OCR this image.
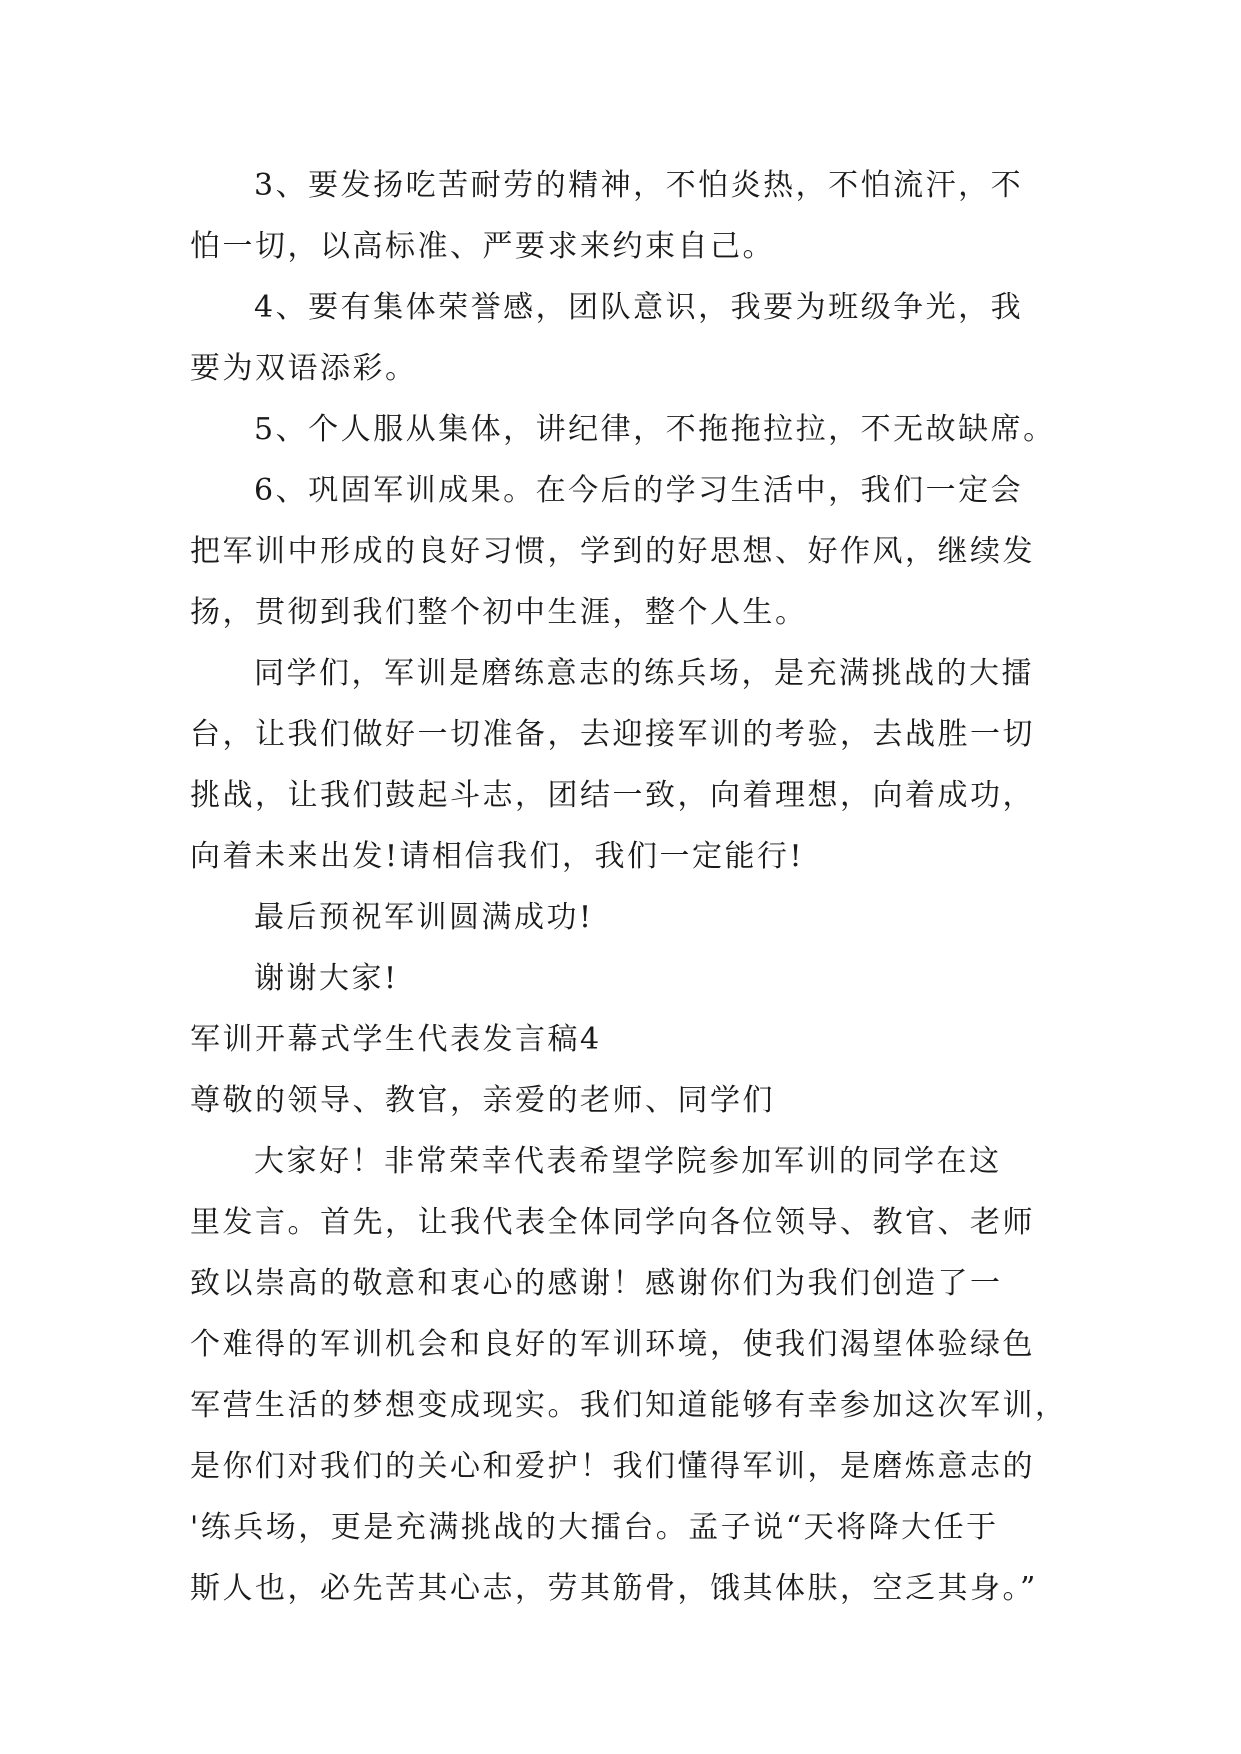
3、要发扬吃苦耐劳的精神，不怕炎热，不怕流汗，不
怕一切，以高标准、严要求来约束自己。
4、要有集体荣誉感，团队意识，我要为班级争光，我
要为双语添彩。
5、个人服从集体，讲纪律，不拖拖拉拉，不无故缺席。
6、巩固军训成果。在今后的学习生活中，我们一定会
把军训中形成的良好习惯，学到的好思想、好作风，继续发
扬，贯彻到我们整个初中生涯，整个人生。
同学们，军训是磨练意志的练兵场，是充满挑战的大擂
台，让我们做好一切准备，去迎接军训的考验，去战胜一切
挑战，让我们鼓起斗志，团结一致，向着理想，向着成功，
向着未来出发!请相信我们，我们一定能行!
最后预祝军训圆满成功!
谢谢大家!
军训开幕式学生代表发言稿4
尊敬的领导、教官，亲爱的老师、同学们
大家好！非常荣幸代表希望学院参加军训的同学在这
里发言。首先，让我代表全体同学向各位领导、教官、老师
致以崇高的敬意和衷心的感谢！感谢你们为我们创造了一
个难得的军训机会和良好的军训环境，使我们渴望体验绿色
军营生活的梦想变成现实。我们知道能够有幸参加这次军训，
是你们对我们的关心和爱护！我们懂得军训，是磨炼意志的
'练兵场，更是充满挑战的大擂台。孟子说“天将降大任于
斯人也，必先苦其心志，劳其筋骨，饿其体肤，空乏其身。”
